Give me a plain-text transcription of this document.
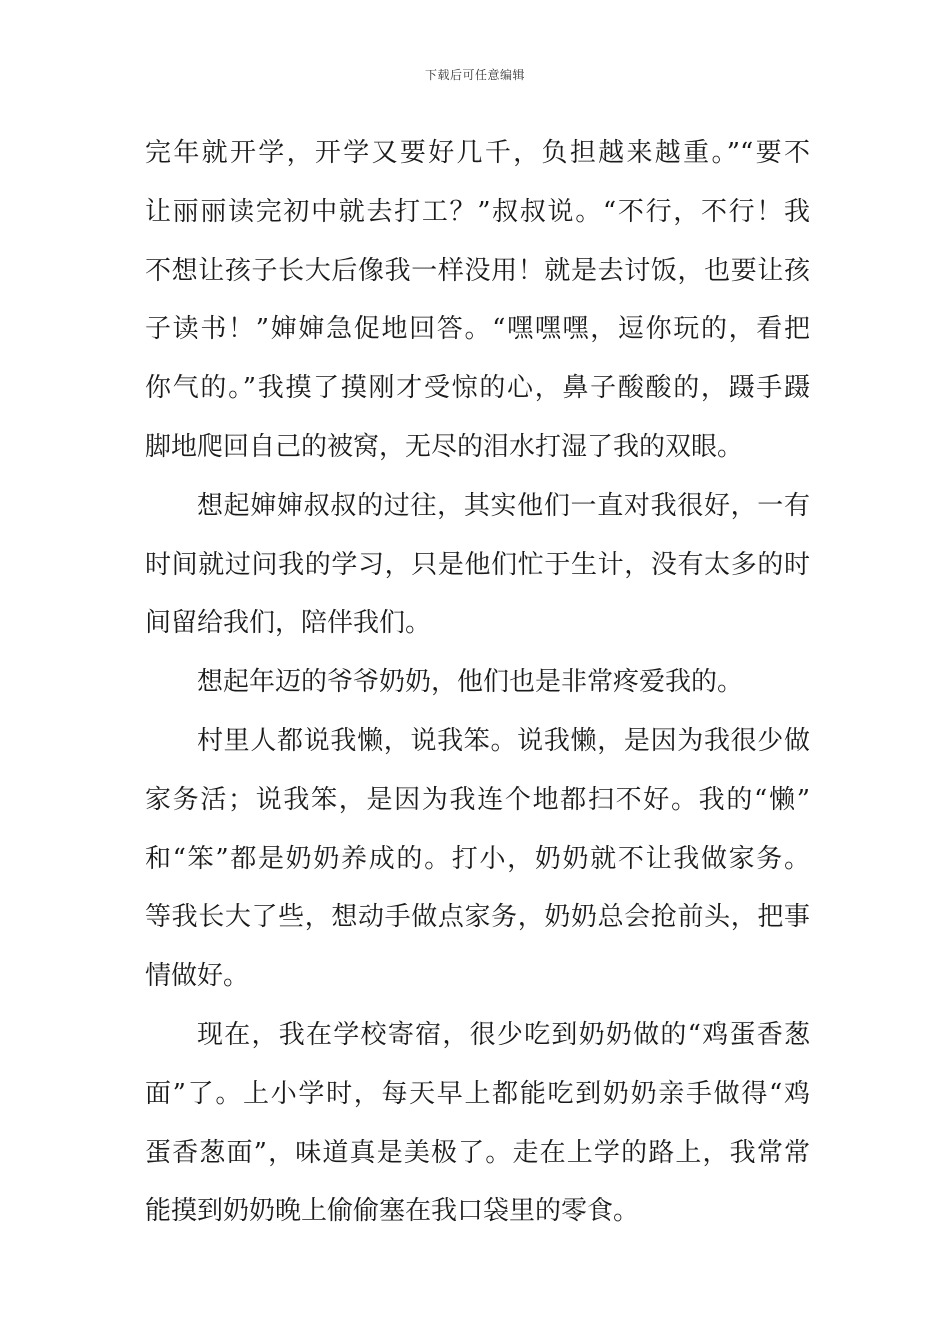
下载后可任意编辑
完年就开学，开学又要好几千，负担越来越重。”“要不
让丽丽读完初中就去打工？”叔叔说。“不行，不行！我
不想让孩子长大后像我一样没用！就是去讨饭，也要让孩
子读书！”婶婶急促地回答。“嘿嘿嘿，逗你玩的，看把
你气的。”我摸了摸刚才受惊的心，鼻子酸酸的，蹑手蹑
脚地爬回自己的被窝，无尽的泪水打湿了我的双眼。
想起婶婶叔叔的过往，其实他们一直对我很好，一有
时间就过问我的学习，只是他们忙于生计，没有太多的时
间留给我们，陪伴我们。
想起年迈的爷爷奶奶，他们也是非常疼爱我的。
村里人都说我懒，说我笨。说我懒，是因为我很少做
家务活；说我笨，是因为我连个地都扫不好。我的“懒”
和“笨”都是奶奶养成的。打小，奶奶就不让我做家务。
等我长大了些，想动手做点家务，奶奶总会抢前头，把事
情做好。
现在，我在学校寄宿，很少吃到奶奶做的“鸡蛋香葱
面”了。上小学时，每天早上都能吃到奶奶亲手做得“鸡
蛋香葱面”，味道真是美极了。走在上学的路上，我常常
能摸到奶奶晚上偷偷塞在我口袋里的零食。
